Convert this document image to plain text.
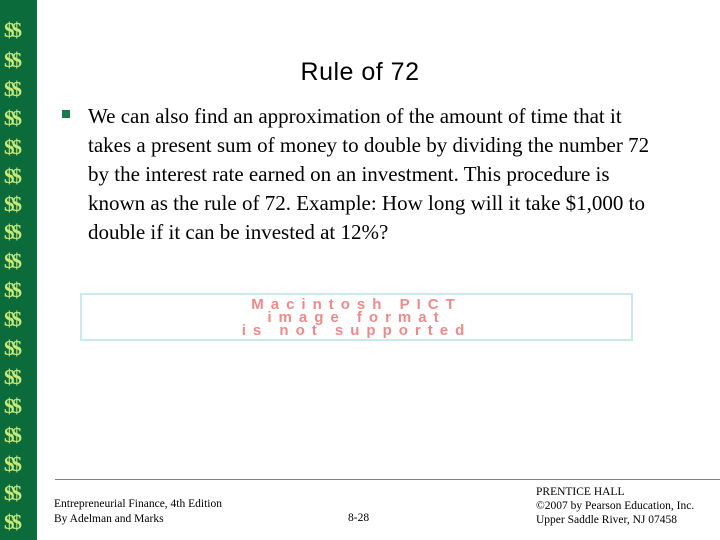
$$
$$
$$
$$
$$
$$
$$
$$
$$
$$
$$
$$
$$
$$
$$
$$
$$
$$
Rule of 72
We can also find an approximation of the amount of time that it takes a present sum of money to double by dividing the number 72 by the interest rate earned on an investment. This procedure is known as the rule of 72. Example: How long will it take $1,000 to double if it can be invested at 12%?
Macintosh PICT
image format
is not supported
Entrepreneurial Finance, 4th Edition
By Adelman and Marks	8-28
PRENTICE HALL
©2007 by Pearson Education, Inc.
Upper Saddle River, NJ 07458
